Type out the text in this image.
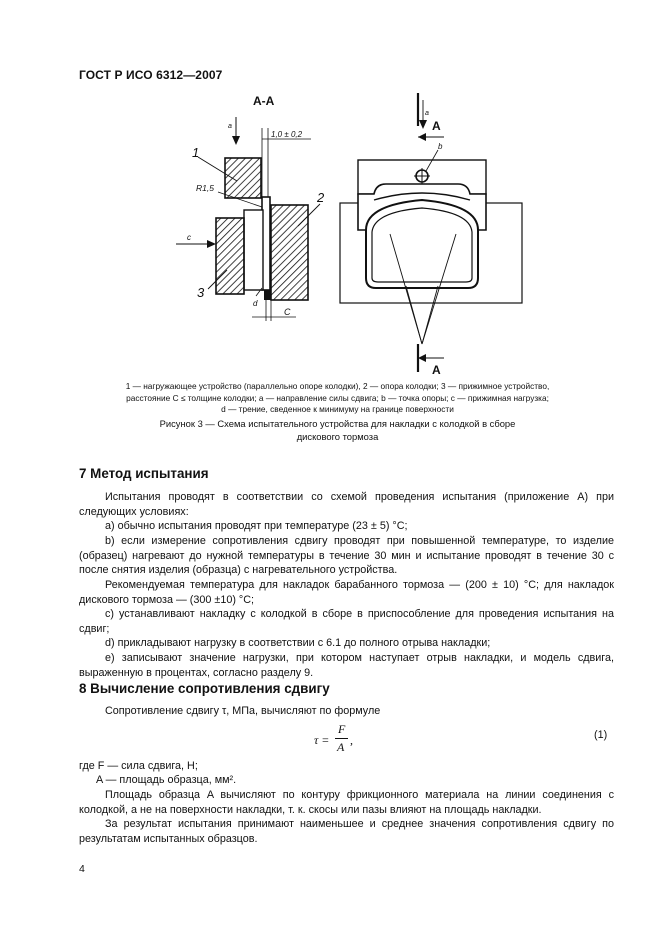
ГОСТ Р ИСО 6312—2007
А-А
a
1,0 ± 0,2
1
R1,5
3
c
2
С
d
А
a
b
А
1 — нагружающее устройство (параллельно опоре колодки), 2 — опора колодки; 3 — прижимное устройство,
расстояние С ≤ толщине колодки; а — направление силы сдвига; b — точка опоры; с — прижимная нагрузка;
d — трение, сведенное к минимуму на границе поверхности
Рисунок 3 — Схема испытательного устройства для накладки с колодкой в сборе
дискового тормоза
7 Метод испытания
Испытания проводят в соответствии со схемой проведения испытания (приложение А) при следующих условиях:
а) обычно испытания проводят при температуре (23 ± 5) °С;
b) если измерение сопротивления сдвигу проводят при повышенной температуре, то изделие (образец) нагревают до нужной температуры в течение 30 мин и испытание проводят в течение 30 с после снятия изделия (образца) с нагревательного устройства.
Рекомендуемая температура для накладок барабанного тормоза — (200 ± 10) °С; для накладок дискового тормоза — (300 ±10) °С;
с) устанавливают накладку с колодкой в сборе в приспособление для проведения испытания на сдвиг;
d) прикладывают нагрузку в соответствии с 6.1 до полного отрыва накладки;
е) записывают значение нагрузки, при котором наступает отрыв накладки, и модель сдвига, выраженную в процентах, согласно разделу 9.
8 Вычисление сопротивления сдвигу
Сопротивление сдвигу τ, МПа, вычисляют по формуле
τ =
F
A ,	(1)
где F — сила сдвига, Н;
A — площадь образца, мм².
Площадь образца A вычисляют по контуру фрикционного материала на линии соединения с колодкой, а не на поверхности накладки, т. к. скосы или пазы влияют на площадь накладки.
За результат испытания принимают наименьшее и среднее значения сопротивления сдвигу по результатам испытанных образцов.
4
